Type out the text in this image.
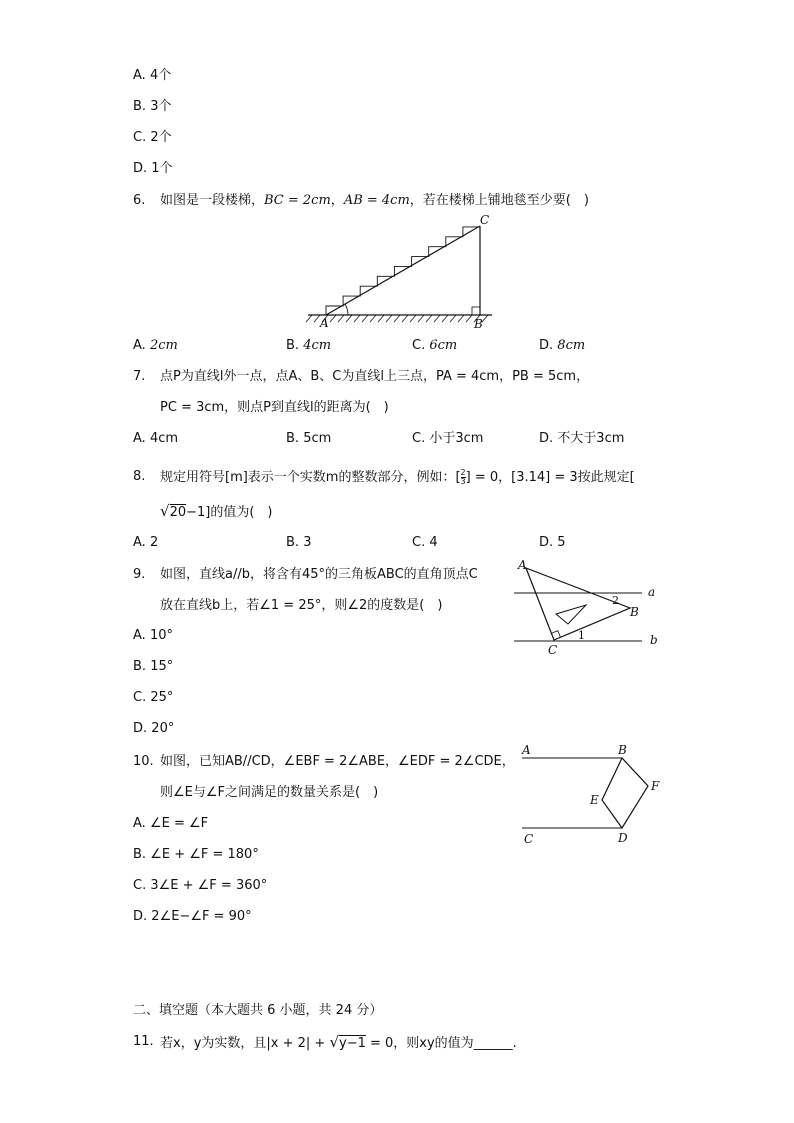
A. 4个
B. 3个
C. 2个
D. 1个
6. 如图是一段楼梯，BC = 2cm，AB = 4cm，若在楼梯上铺地毯至少要(　)
A	B
C
A. 2cm	B. 4cm	C. 6cm	D. 8cm
7. 点P为直线l外一点，点A、B、C为直线l上三点，PA = 4cm，PB = 5cm，
PC = 3cm，则点P到直线l的距离为(　)
A. 4cm	B. 5cm	C. 小于3cm	D. 不大于3cm
8. 规定用符号[m]表示一个实数m的整数部分，例如：[ $\frac{2}{3}$ ] = 0，[3.14] = 3按此规定[
√20−1]的值为(　)
A. 2	B. 3	C. 4	D. 5
9. 如图，直线a//b，将含有45°的三角板ABC的直角顶点C
放在直线b上，若∠1 = 25°，则∠2的度数是(　)
A
B
C
a
b
1
2
A. 10°
B. 15°
C. 25°
D. 20°
10. 如图，已知AB//CD，∠EBF = 2∠ABE，∠EDF = 2∠CDE，
则∠E与∠F之间满足的数量关系是(　)
A	B
C	D
E
F
A. ∠E = ∠F
B. ∠E + ∠F = 180°
C. 3∠E + ∠F = 360°
D. 2∠E−∠F = 90°
二、填空题（本大题共 6 小题，共 24 分）
11. 若x，y为实数，且|x + 2| + √y−1 = 0，则xy的值为______.
